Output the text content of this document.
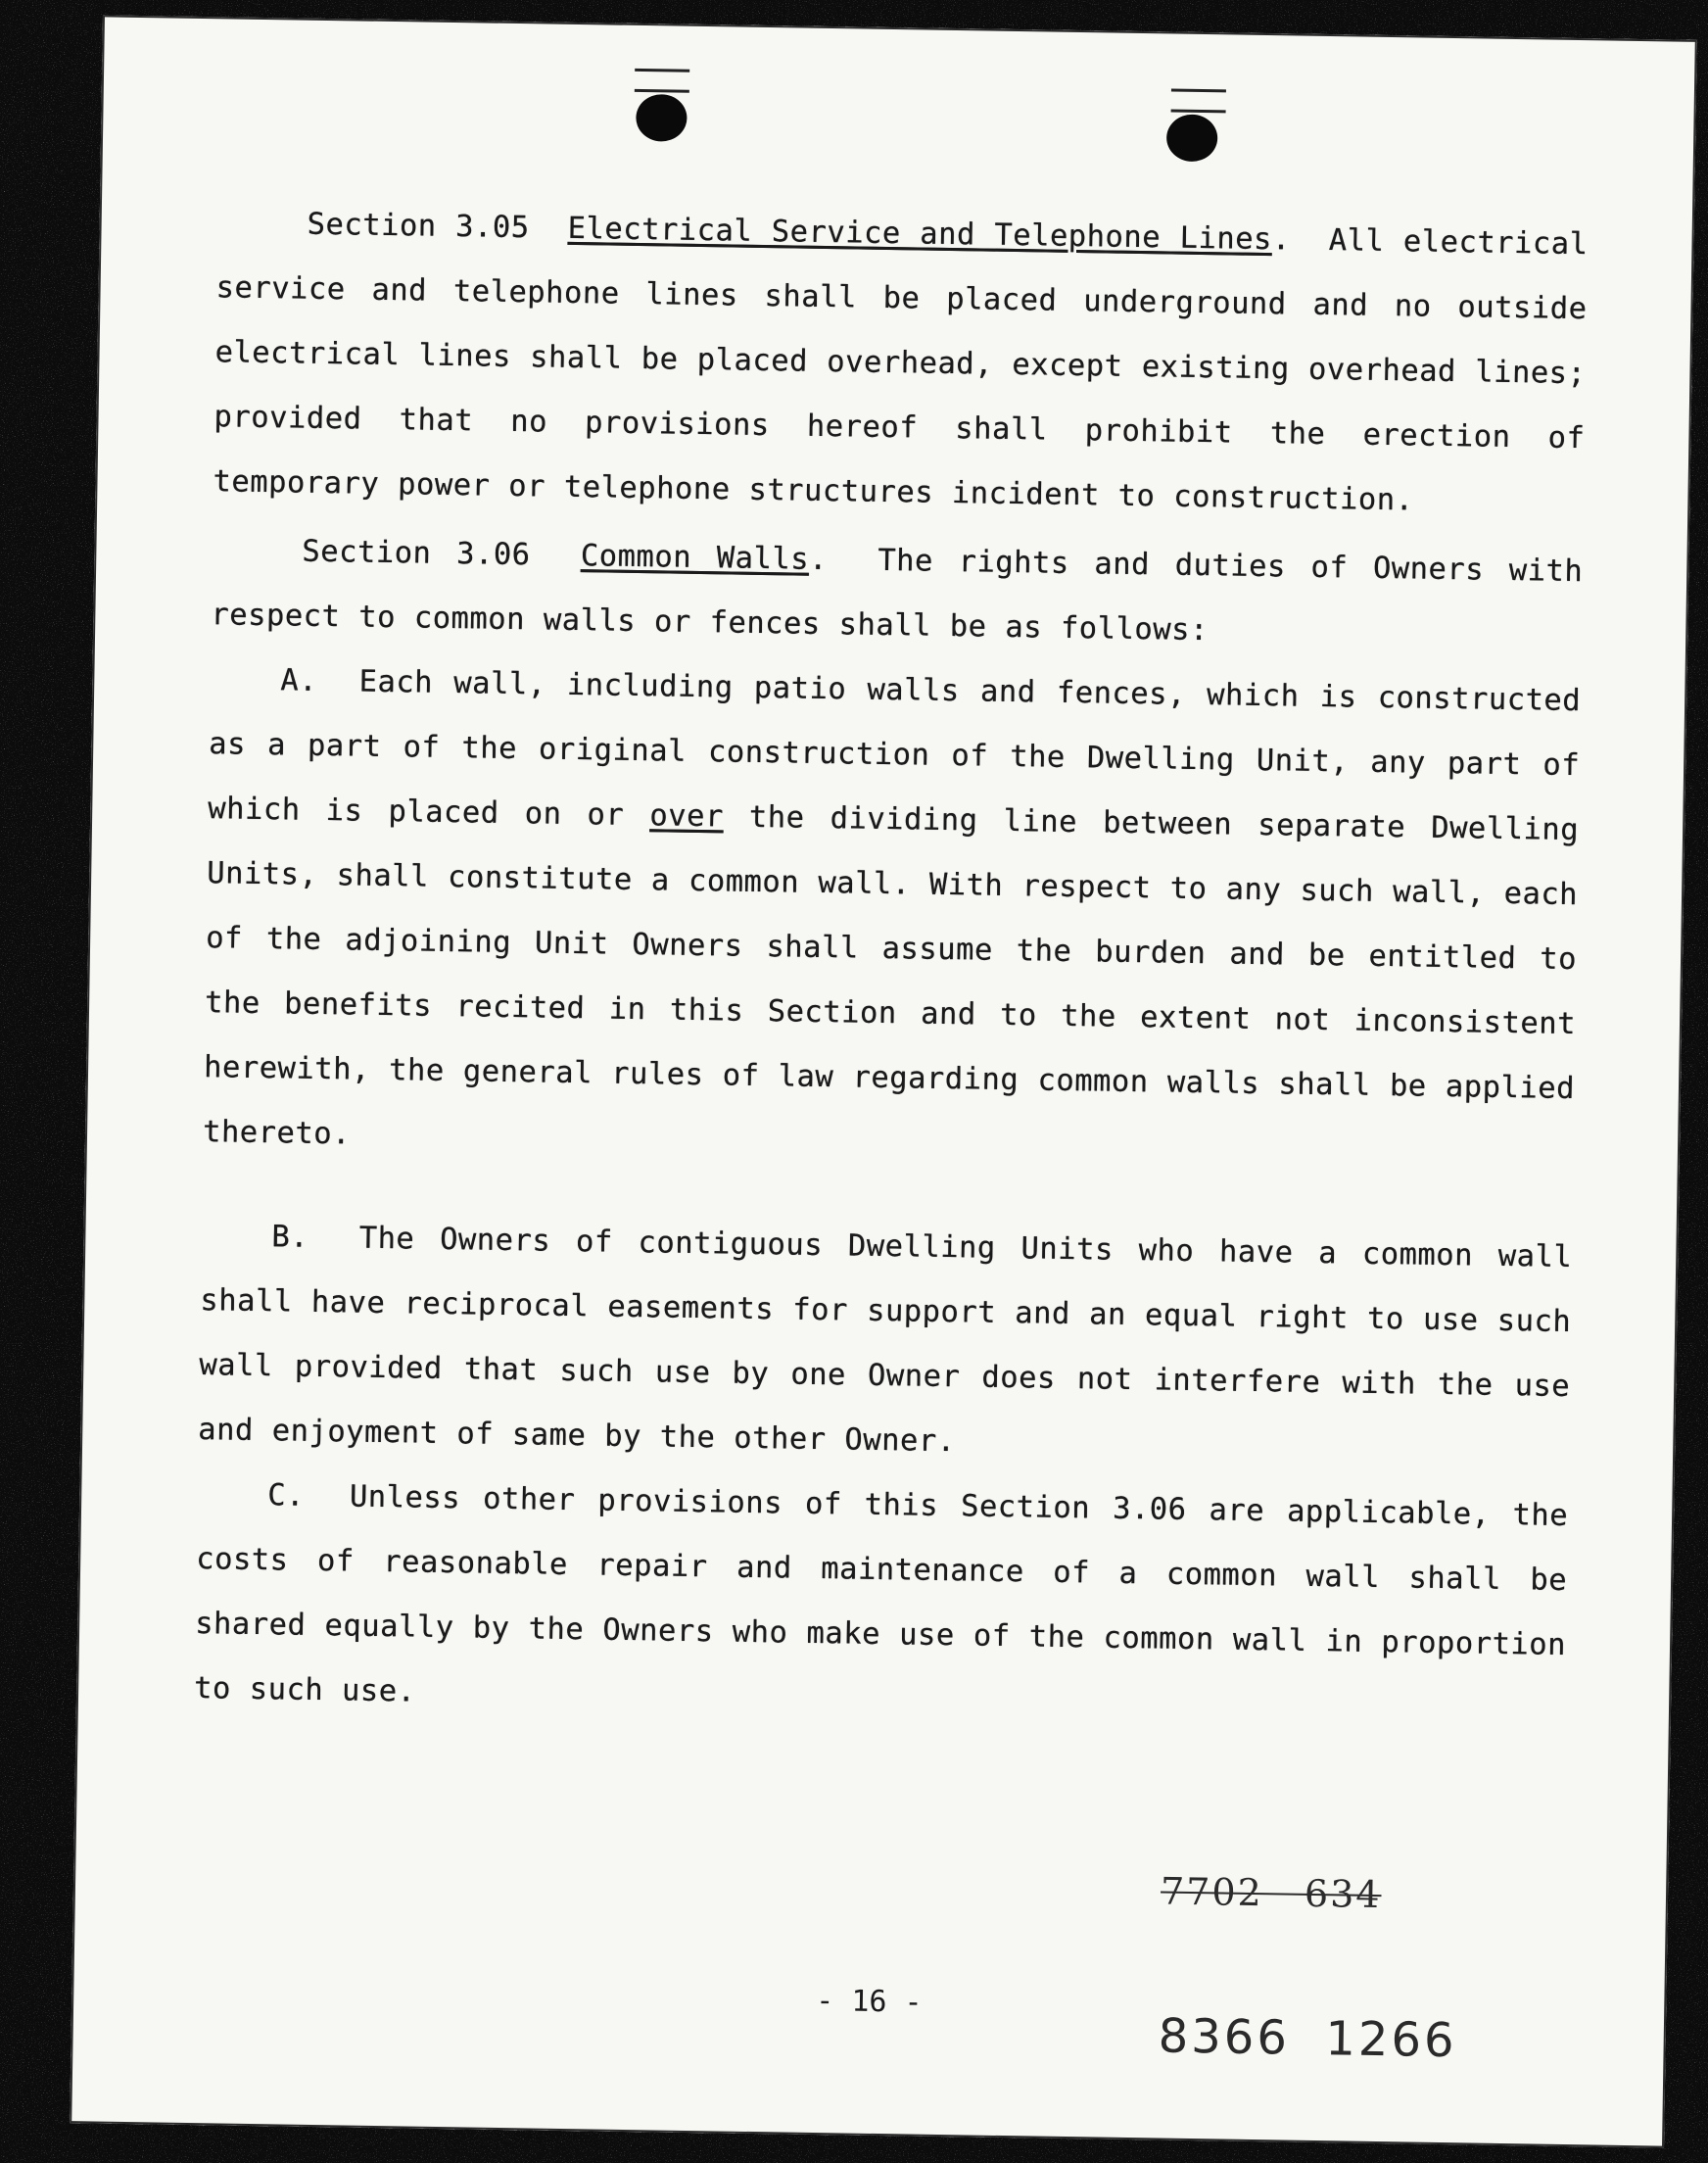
Section 3.05 Electrical Service and Telephone Lines.  All electrical service and telephone lines shall be placed underground and no outside electrical lines shall be placed overhead, except existing overhead lines; provided that no provisions hereof shall prohibit the erection of temporary power or telephone structures incident to construction.

Section 3.06 Common Walls.  The rights and duties of Owners with respect to common walls or fences shall be as follows:

A. Each wall, including patio walls and fences, which is constructed as a part of the original construction of the Dwelling Unit, any part of which is placed on or over the dividing line between separate Dwelling Units, shall constitute a common wall. With respect to any such wall, each of the adjoining Unit Owners shall assume the burden and be entitled to the benefits recited in this Section and to the extent not inconsistent herewith, the general rules of law regarding common walls shall be applied thereto.

B. The Owners of contiguous Dwelling Units who have a common wall shall have reciprocal easements for support and an equal right to use such wall provided that such use by one Owner does not interfere with the use and enjoyment of same by the other Owner.

C. Unless other provisions of this Section 3.06 are applicable, the costs of reasonable repair and maintenance of a common wall shall be shared equally by the Owners who make use of the common wall in proportion to such use.

7702   634
- 16 -
8366  1266
